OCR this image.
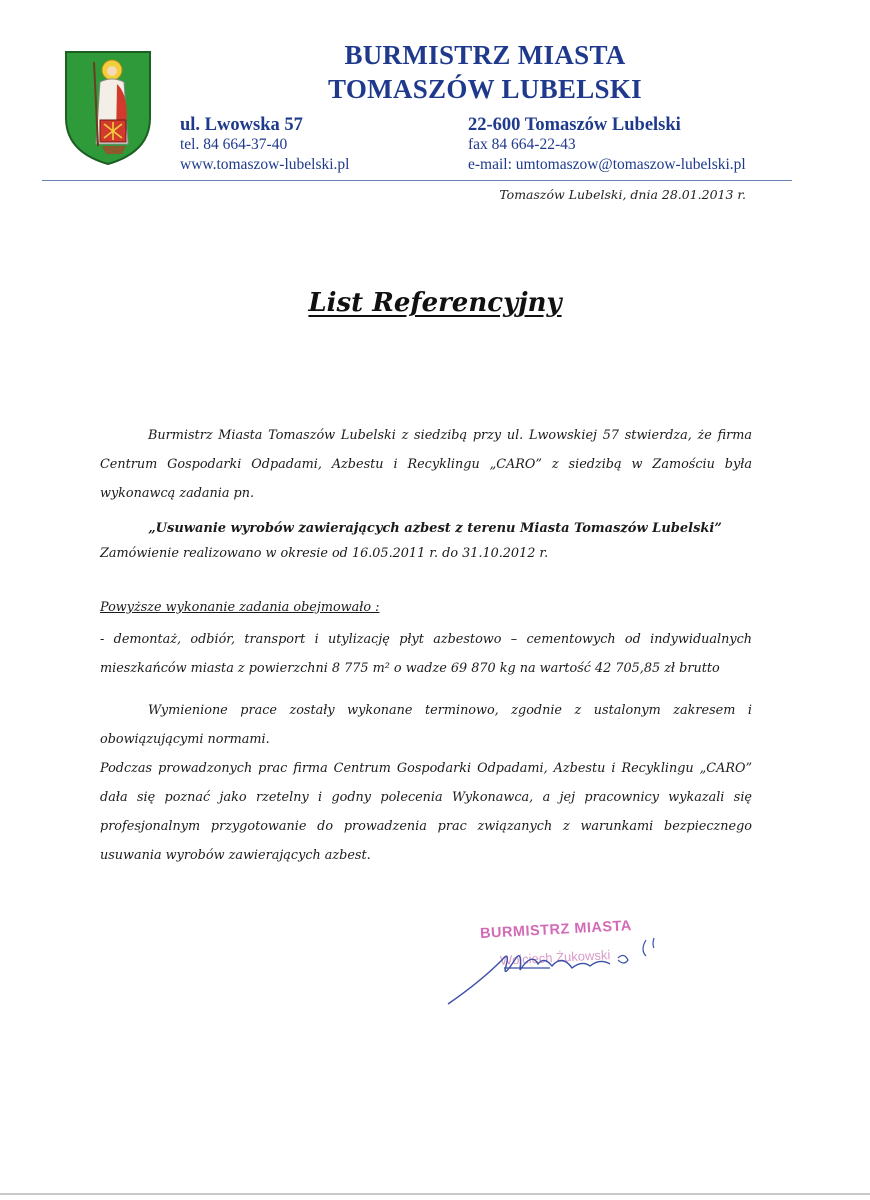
BURMISTRZ MIASTA
TOMASZÓW LUBELSKI
ul. Lwowska 57
tel. 84 664-37-40
www.tomaszow-lubelski.pl
22-600 Tomaszów Lubelski
fax 84 664-22-43
e-mail: umtomaszow@tomaszow-lubelski.pl
Tomaszów Lubelski, dnia 28.01.2013 r.
List Referencyjny
Burmistrz Miasta Tomaszów Lubelski z siedzibą przy ul. Lwowskiej 57 stwierdza, że firma Centrum Gospodarki Odpadami, Azbestu i Recyklingu „CARO” z siedzibą w Zamościu była wykonawcą zadania pn.
„Usuwanie wyrobów zawierających azbest z terenu Miasta Tomaszów Lubelski”
Zamówienie realizowano w okresie od 16.05.2011 r. do 31.10.2012 r.
Powyższe wykonanie zadania obejmowało :
- demontaż, odbiór, transport i utylizację płyt azbestowo – cementowych od indywidualnych mieszkańców miasta z powierzchni 8 775 m² o wadze 69 870 kg na wartość 42 705,85 zł brutto
Wymienione prace zostały wykonane terminowo, zgodnie z ustalonym zakresem i obowiązującymi normami.
Podczas prowadzonych prac firma Centrum Gospodarki Odpadami, Azbestu i Recyklingu „CARO” dała się poznać jako rzetelny i godny polecenia Wykonawca, a jej pracownicy wykazali się profesjonalnym przygotowanie do prowadzenia prac związanych z warunkami bezpiecznego usuwania wyrobów zawierających azbest.
BURMISTRZ MIASTA
Wojciech Żukowski
